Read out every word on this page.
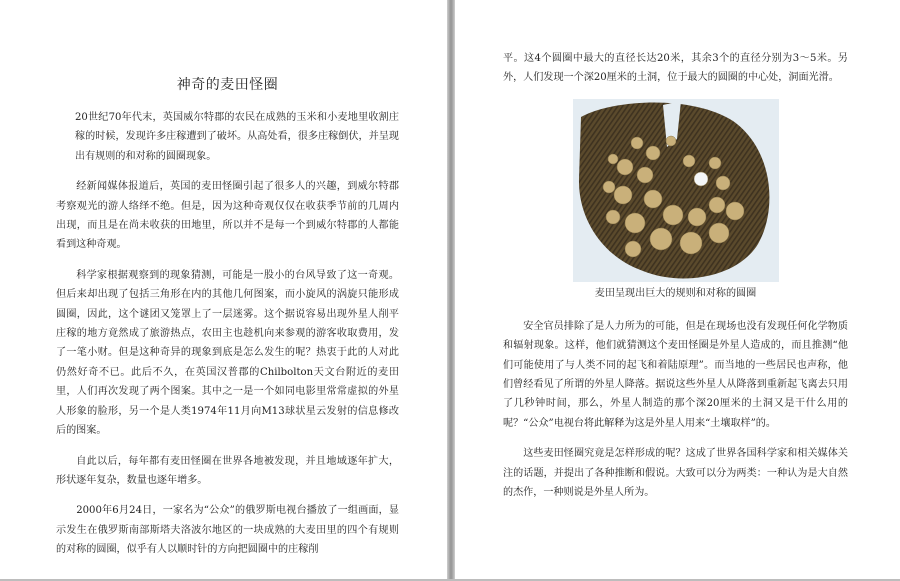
神奇的麦田怪圈

20世纪70年代末，英国威尔特郡的农民在成熟的玉米和小麦地里收割庄稼的时候，发现许多庄稼遭到了破坏。从高处看，很多庄稼倒伏，并呈现出有规则的和对称的圆圈现象。

经新闻媒体报道后，英国的麦田怪圈引起了很多人的兴趣，到威尔特郡考察观光的游人络绎不绝。但是，因为这种奇观仅仅在收获季节前的几周内出现，而且是在尚未收获的田地里，所以并不是每一个到威尔特郡的人都能看到这种奇观。

科学家根据观察到的现象猜测，可能是一股小的台风导致了这一奇观。但后来却出现了包括三角形在内的其他几何图案，而小旋风的涡旋只能形成圆圈，因此，这个谜团又笼罩上了一层迷雾。这个据说容易出现外星人削平庄稼的地方竟然成了旅游热点，农田主也趁机向来参观的游客收取费用，发了一笔小财。但是这种奇异的现象到底是怎么发生的呢？热衷于此的人对此仍然好奇不已。此后不久，在英国汉普郡的Chilbolton天文台附近的麦田里，人们再次发现了两个图案。其中之一是一个如同电影里常常虚拟的外星人形象的脸形，另一个是人类1974年11月向M13球状星云发射的信息修改后的图案。

自此以后，每年都有麦田怪圈在世界各地被发现，并且地域逐年扩大，形状逐年复杂，数量也逐年增多。

2000年6月24日，一家名为“公众”的俄罗斯电视台播放了一组画面，显示发生在俄罗斯南部斯塔夫洛波尔地区的一块成熟的大麦田里的四个有规则的对称的圆圈，似乎有人以顺时针的方向把圆圈中的庄稼削

平。这4个圆圈中最大的直径长达20米，其余3个的直径分别为3～5米。另外，人们发现一个深20厘米的土洞，位于最大的圆圈的中心处，洞面光滑。

麦田呈现出巨大的规则和对称的圆圈

安全官员排除了是人力所为的可能，但是在现场也没有发现任何化学物质和辐射现象。这样，他们就猜测这个麦田怪圈是外星人造成的，而且推测“他们可能使用了与人类不同的起飞和着陆原理”。而当地的一些居民也声称，他们曾经看见了所谓的外星人降落。据说这些外星人从降落到重新起飞离去只用了几秒钟时间，那么，外星人制造的那个深20厘米的土洞又是干什么用的呢？“公众”电视台将此解释为这是外星人用来“土壤取样”的。

这些麦田怪圈究竟是怎样形成的呢？这成了世界各国科学家和相关媒体关注的话题，并提出了各种推断和假说。大致可以分为两类：一种认为是大自然的杰作，一种则说是外星人所为。
